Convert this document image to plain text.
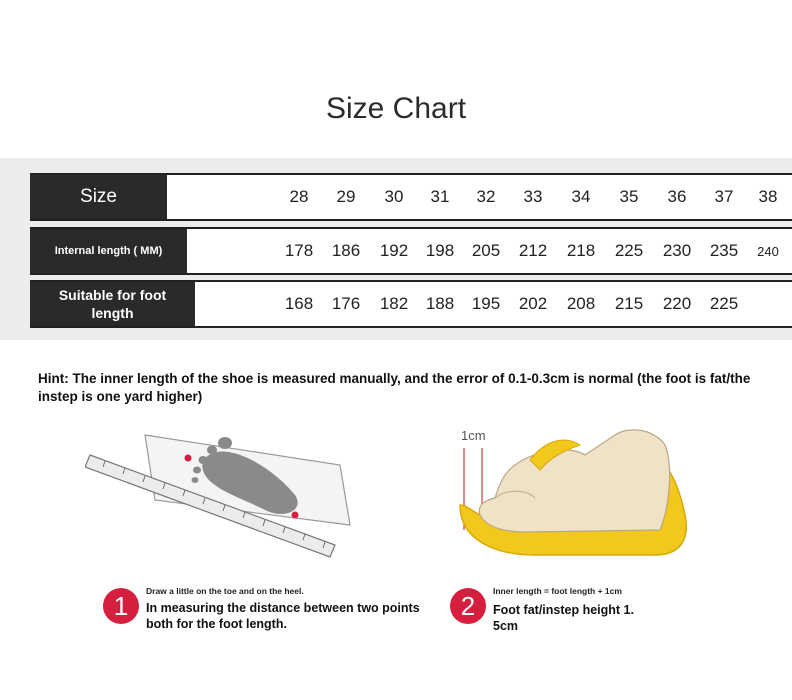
Size Chart
Size	28	29	30	31	32	33	34	35	36	37	38
Internal length ( MM)	178	186	192	198	205	212	218	225	230	235	240
Suitable for foot length	168	176	182	188	195	202	208	215	220	225
Hint: The inner length of the shoe is measured manually, and the error of 0.1-0.3cm is normal (the foot is fat/the instep is one yard higher)
1cm
1	Draw a little on the toe and on the heel.
In measuring the distance between two points both for the foot length.
2	Inner length = foot length + 1cm
Foot fat/instep height 1.
5cm
